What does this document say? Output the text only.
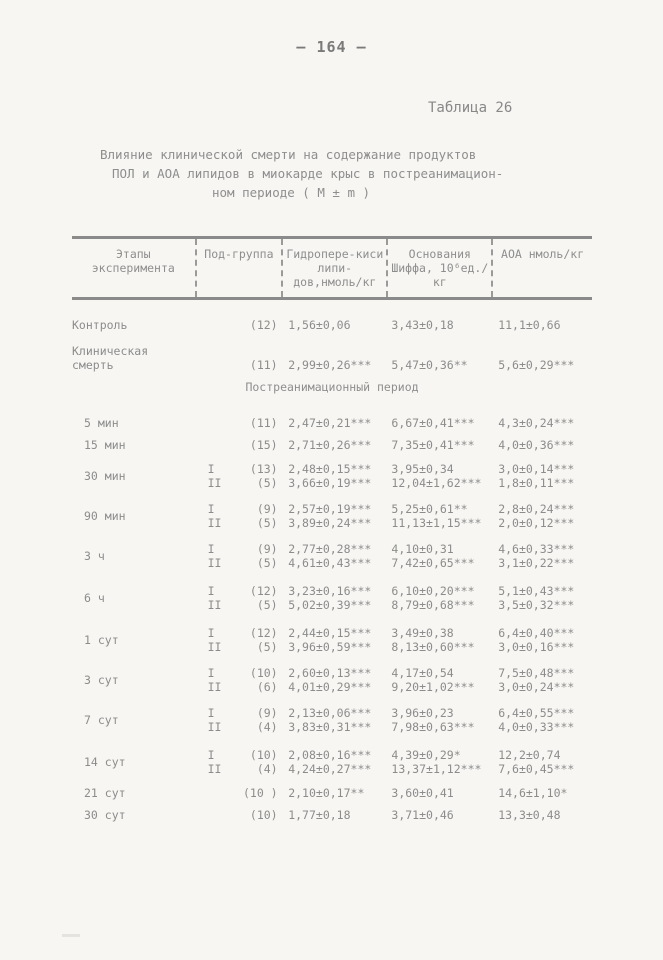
– 164 –
Таблица 26
Влияние клинической смерти на содержание продуктов
ПОЛ и АОА липидов в миокарде крыс в постреанимацион-
ном периоде ( M ± m )
Этапы эксперимента	Под-группа	Гидропере-киси липи-дов,нмоль/кг	Основания Шиффа, 10⁶ед./кг	АОА нмоль/кг
Контроль	(12)	1,56±0,06	3,43±0,18	11,1±0,66
Клиническая смерть	(11)	2,99±0,26***	5,47±0,36**	5,6±0,29***
Постреанимационный период				
5 мин	(11)	2,47±0,21***	6,67±0,41***	4,3±0,24***
15 мин	(15)	2,71±0,26***	7,35±0,41***	4,0±0,36***
30 мин	I (13)	2,48±0,15***	3,95±0,34	3,0±0,14***
	II (5)	3,66±0,19***	12,04±1,62***	1,8±0,11***
90 мин	I (9)	2,57±0,19***	5,25±0,61**	2,8±0,24***
	II (5)	3,89±0,24***	11,13±1,15***	2,0±0,12***
3 ч	I (9)	2,77±0,28***	4,10±0,31	4,6±0,33***
	II (5)	4,61±0,43***	7,42±0,65***	3,1±0,22***
6 ч	I (12)	3,23±0,16***	6,10±0,20***	5,1±0,43***
	II (5)	5,02±0,39***	8,79±0,68***	3,5±0,32***
1 сут	I (12)	2,44±0,15***	3,49±0,38	6,4±0,40***
	II (5)	3,96±0,59***	8,13±0,60***	3,0±0,16***
3 сут	I (10)	2,60±0,13***	4,17±0,54	7,5±0,48***
	II (6)	4,01±0,29***	9,20±1,02***	3,0±0,24***
7 сут	I (9)	2,13±0,06***	3,96±0,23	6,4±0,55***
	II (4)	3,83±0,31***	7,98±0,63***	4,0±0,33***
14 сут	I (10)	2,08±0,16***	4,39±0,29*	12,2±0,74
	II (4)	4,24±0,27***	13,37±1,12***	7,6±0,45***
21 сут	(10 )	2,10±0,17**	3,60±0,41	14,6±1,10*
30 сут	(10)	1,77±0,18	3,71±0,46	13,3±0,48
